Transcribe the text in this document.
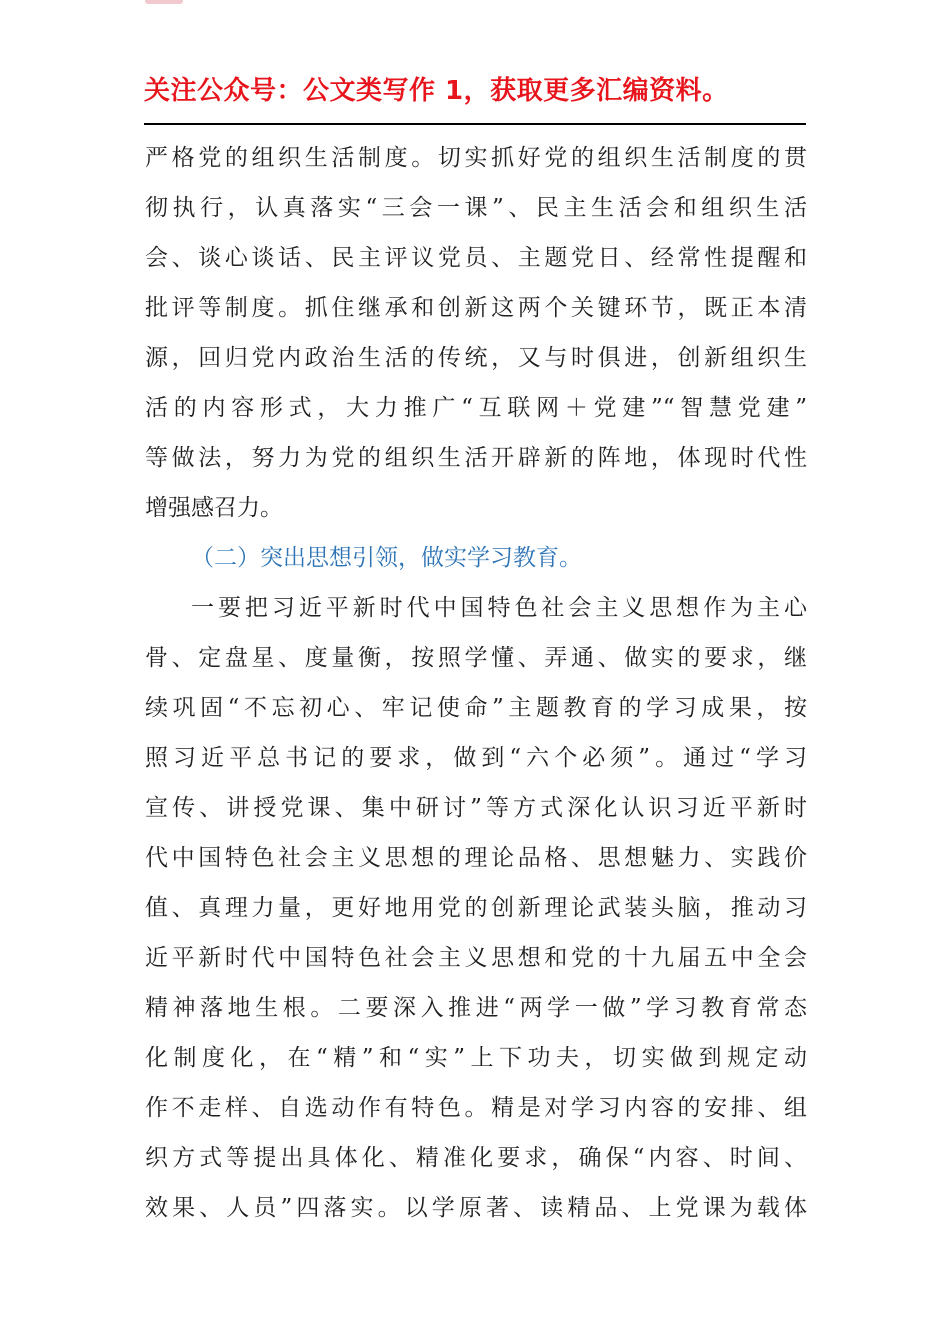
关注公众号：公文类写作 1，获取更多汇编资料。
严格党的组织生活制度。切实抓好党的组织生活制度的贯
彻执行，认真落实“三会一课”、民主生活会和组织生活
会、谈心谈话、民主评议党员、主题党日、经常性提醒和
批评等制度。抓住继承和创新这两个关键环节，既正本清
源，回归党内政治生活的传统，又与时俱进，创新组织生
活的内容形式，大力推广“互联网＋党建”“智慧党建”
等做法，努力为党的组织生活开辟新的阵地，体现时代性
增强感召力。
（二）突出思想引领，做实学习教育。
一要把习近平新时代中国特色社会主义思想作为主心
骨、定盘星、度量衡，按照学懂、弄通、做实的要求，继
续巩固“不忘初心、牢记使命”主题教育的学习成果，按
照习近平总书记的要求，做到“六个必须”。通过“学习
宣传、讲授党课、集中研讨”等方式深化认识习近平新时
代中国特色社会主义思想的理论品格、思想魅力、实践价
值、真理力量，更好地用党的创新理论武装头脑，推动习
近平新时代中国特色社会主义思想和党的十九届五中全会
精神落地生根。二要深入推进“两学一做”学习教育常态
化制度化，在“精”和“实”上下功夫，切实做到规定动
作不走样、自选动作有特色。精是对学习内容的安排、组
织方式等提出具体化、精准化要求，确保“内容、时间、
效果、人员”四落实。以学原著、读精品、上党课为载体
